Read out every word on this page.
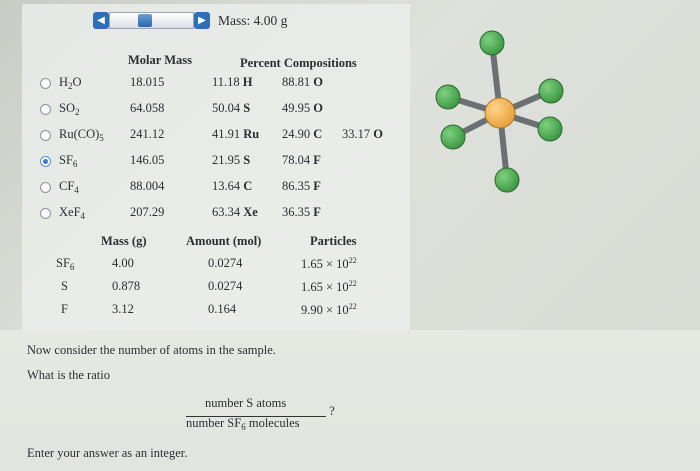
◀	▶ Mass: 4.00 g
Molar Mass	Percent Compositions
$H_2O$	18.015	11.18 H 88.81 O
$SO_2$	64.058	50.04 S	49.95 O
$Ru(CO)_5$ 241.12	41.91 Ru 24.90 C 33.17 O
$SF_6$	146.05	21.95 S	78.04 F
$CF_4$	88.004	13.64 C 86.35 F
XeF$_4$	207.29	63.34 Xe 36.35 F
Mass (g)	Amount (mol)	Particles
$SF_6$	4.00	0.0274	$1.65 \times 10^{22}$
S	0.878	0.0274	$1.65 \times 10^{22}$
F	3.12	0.164	$9.90 \times 10^{22}$
Now consider the number of atoms in the sample.
What is the ratio
number S atoms
number $SF_6$ molecules
?
Enter your answer as an integer.
